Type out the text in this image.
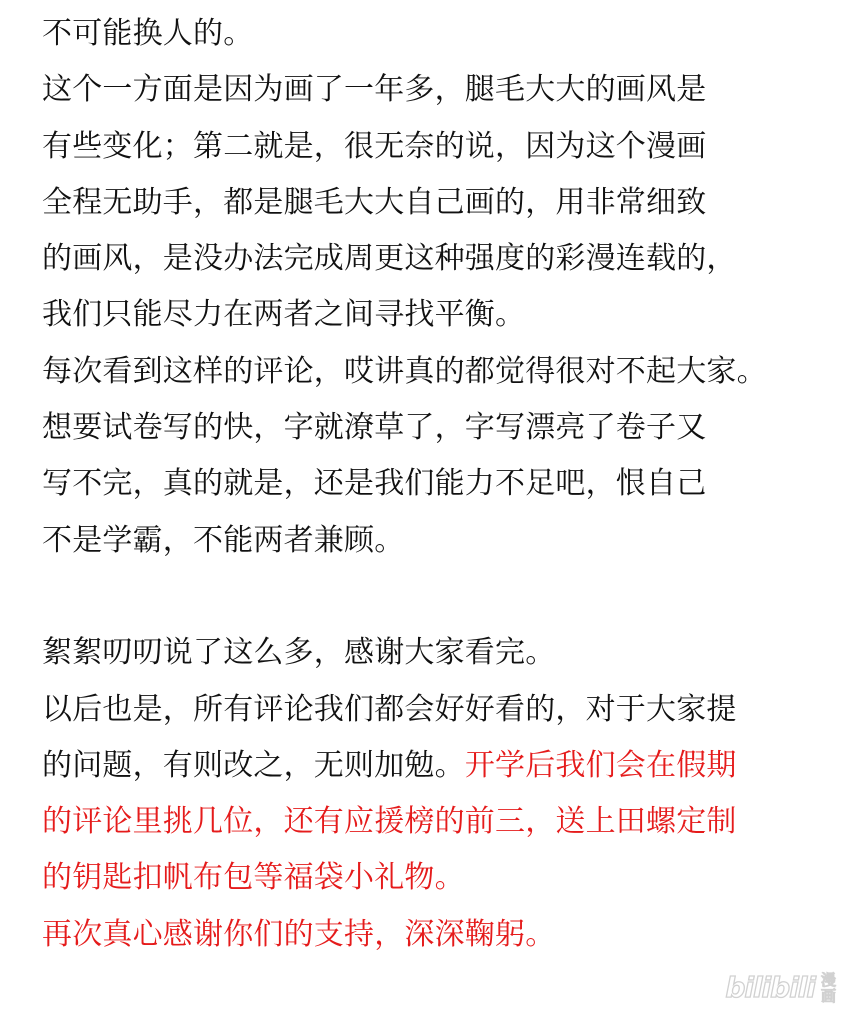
不可能换人的。
这个一方面是因为画了一年多，腿毛大大的画风是
有些变化；第二就是，很无奈的说，因为这个漫画
全程无助手，都是腿毛大大自己画的，用非常细致
的画风，是没办法完成周更这种强度的彩漫连载的，
我们只能尽力在两者之间寻找平衡。
每次看到这样的评论，哎讲真的都觉得很对不起大家。
想要试卷写的快，字就潦草了，字写漂亮了卷子又
写不完，真的就是，还是我们能力不足吧，恨自己
不是学霸，不能两者兼顾。
絮絮叨叨说了这么多，感谢大家看完。
以后也是，所有评论我们都会好好看的，对于大家提
的问题，有则改之，无则加勉。开学后我们会在假期
的评论里挑几位，还有应援榜的前三，送上田螺定制
的钥匙扣帆布包等福袋小礼物。
再次真心感谢你们的支持，深深鞠躬。
bilibili 漫
画
